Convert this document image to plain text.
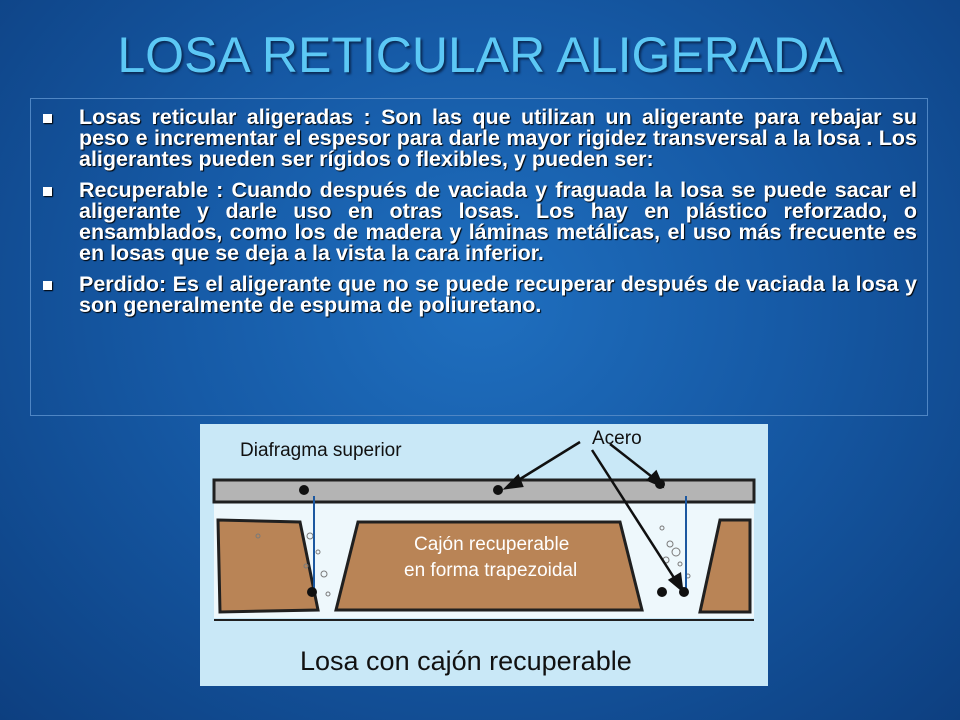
LOSA RETICULAR ALIGERADA
Losas reticular aligeradas : Son las que utilizan un aligerante para rebajar su peso e incrementar el espesor para darle mayor rigidez transversal a la losa . Los aligerantes pueden ser rígidos o flexibles, y pueden ser:
Recuperable : Cuando después de vaciada y fraguada la losa se puede sacar el aligerante y darle uso en otras losas. Los hay en plástico reforzado, o ensamblados, como los de madera y láminas metálicas, el uso más frecuente es en losas que se deja a la vista la cara inferior.
Perdido: Es el aligerante que no se puede recuperar después de vaciada la losa y son generalmente de espuma de poliuretano.
Diafragma superior
Acero
Cajón recuperable
en forma trapezoidal
Losa con cajón recuperable
